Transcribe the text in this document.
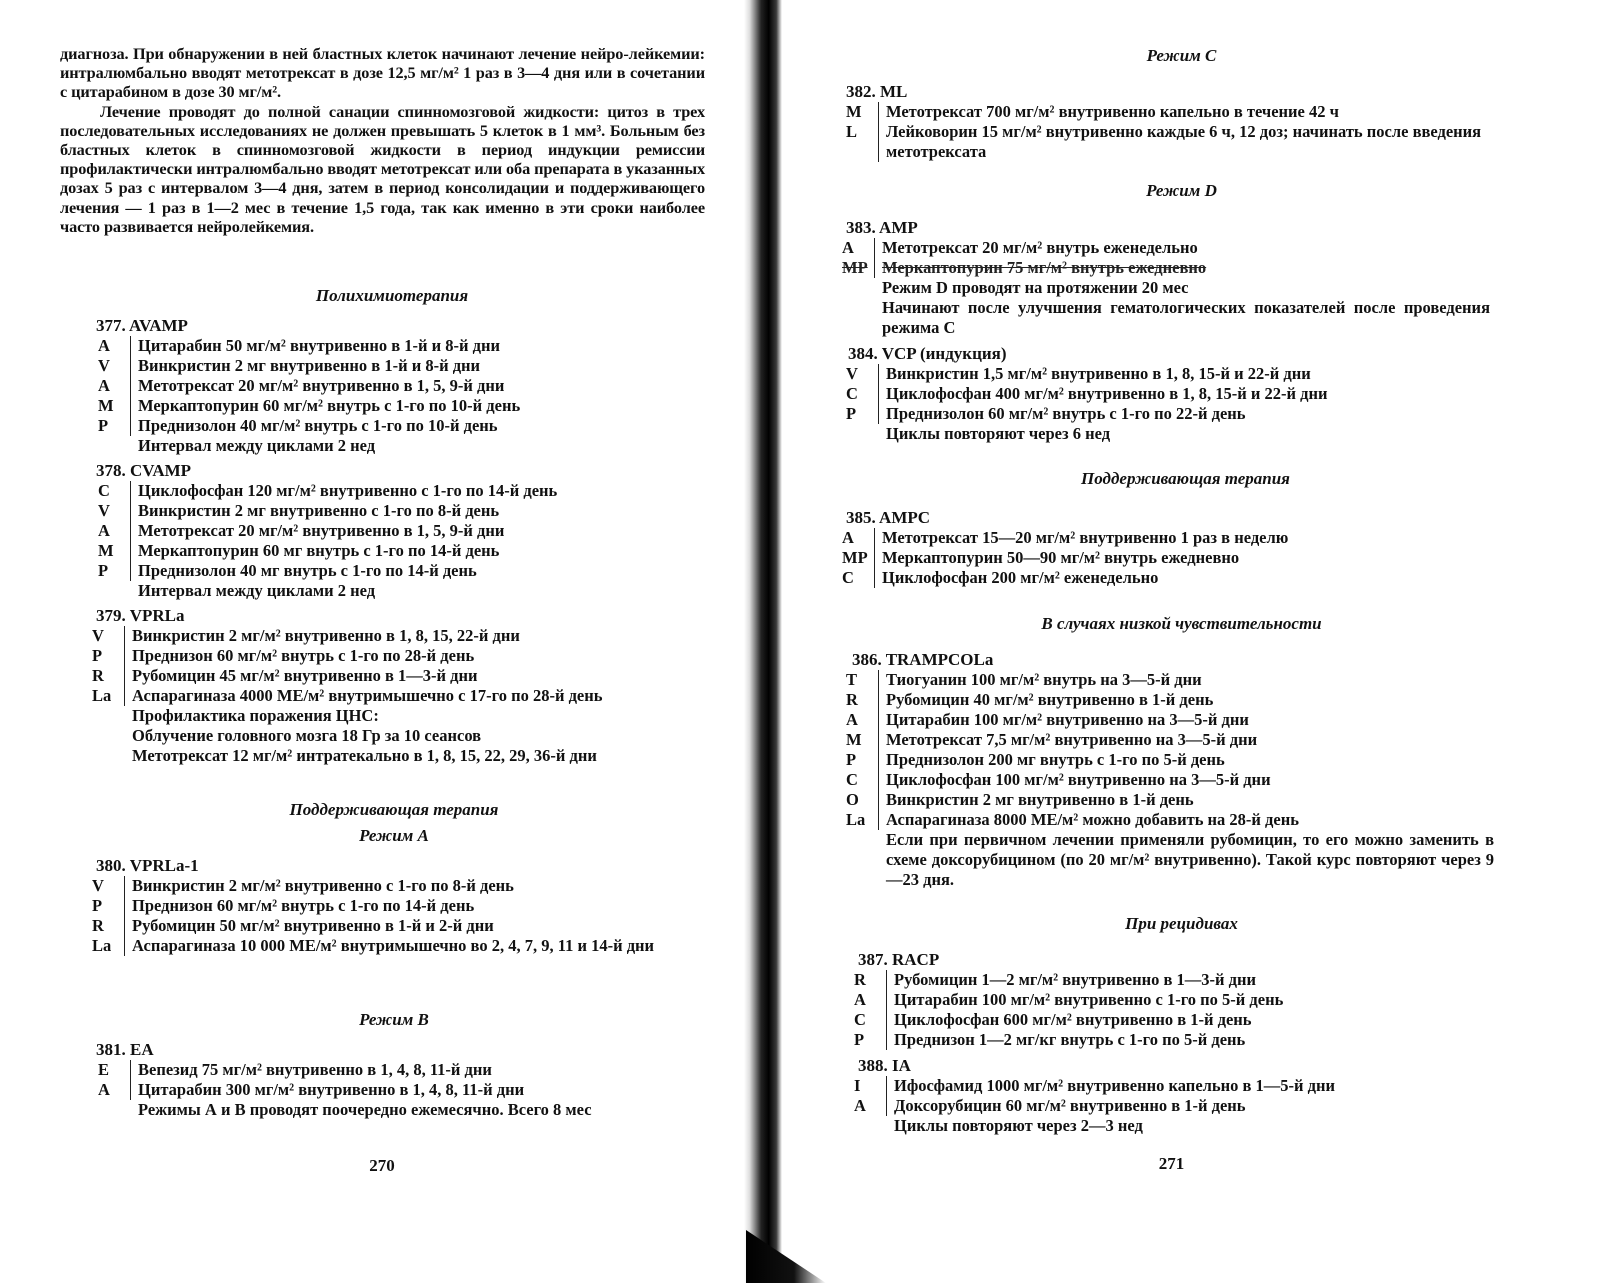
диагноза. При обнаружении в ней бластных клеток начинают лечение нейро-лейкемии: интралюмбально вводят метотрексат в дозе 12,5 мг/м² 1 раз в 3—4 дня или в сочетании с цитарабином в дозе 30 мг/м².

Лечение проводят до полной санации спинномозговой жидкости: цитоз в трех последовательных исследованиях не должен превышать 5 клеток в 1 мм³. Больным без бластных клеток в спинномозговой жидкости в период индукции ремиссии профилактически интралюмбально вводят метотрексат или оба препарата в указанных дозах 5 раз с интервалом 3—4 дня, затем в период консолидации и поддерживающего лечения — 1 раз в 1—2 мес в течение 1,5 года, так как именно в эти сроки наиболее часто развивается нейролейкемия.

Полихимиотерапия

377. AVAMP

A	Цитарабин 50 мг/м² внутривенно в 1-й и 8-й дни
V	Винкристин 2 мг внутривенно в 1-й и 8-й дни
A	Метотрексат 20 мг/м² внутривенно в 1, 5, 9-й дни
M	Меркаптопурин 60 мг/м² внутрь с 1-го по 10-й день
P	Преднизолон 40 мг/м² внутрь с 1-го по 10-й день
Интервал между циклами 2 нед

378. CVAMP

C	Циклофосфан 120 мг/м² внутривенно с 1-го по 14-й день
V	Винкристин 2 мг внутривенно с 1-го по 8-й день
A	Метотрексат 20 мг/м² внутривенно в 1, 5, 9-й дни
M	Меркаптопурин 60 мг внутрь с 1-го по 14-й день
P	Преднизолон 40 мг внутрь с 1-го по 14-й день
Интервал между циклами 2 нед

379. VPRLa

V	Винкристин 2 мг/м² внутривенно в 1, 8, 15, 22-й дни
P	Преднизон 60 мг/м² внутрь с 1-го по 28-й день
R	Рубомицин 45 мг/м² внутривенно в 1—3-й дни
La	Аспарагиназа 4000 МЕ/м² внутримышечно с 17-го по 28-й день
Профилактика поражения ЦНС:
Облучение головного мозга 18 Гр за 10 сеансов
Метотрексат 12 мг/м² интратекально в 1, 8, 15, 22, 29, 36-й дни
Поддерживающая терапия
Режим А

380. VPRLa-1

V	Винкристин 2 мг/м² внутривенно с 1-го по 8-й день
P	Преднизон 60 мг/м² внутрь с 1-го по 14-й день
R	Рубомицин 50 мг/м² внутривенно в 1-й и 2-й дни
La	Аспарагиназа 10 000 МЕ/м² внутримышечно во 2, 4, 7, 9, 11 и 14-й дни
Режим B

381. EA

E	Вепезид 75 мг/м² внутривенно в 1, 4, 8, 11-й дни
A	Цитарабин 300 мг/м² внутривенно в 1, 4, 8, 11-й дни
Режимы А и В проводят поочередно ежемесячно. Всего 8 мес
270
Режим С

382. ML

M	Метотрексат 700 мг/м² внутривенно капельно в течение 42 ч
L	Лейковорин 15 мг/м² внутривенно каждые 6 ч, 12 доз; начинать после введения метотрексата
Режим D

383. AMP

A	Метотрексат 20 мг/м² внутрь еженедельно
MP Меркаптопурин 75 мг/м² внутрь ежедневно
Режим D проводят на протяжении 20 мес
Начинают после улучшения гематологических показателей после проведения режима С

384. VCP (индукция)

V	Винкристин 1,5 мг/м² внутривенно в 1, 8, 15-й и 22-й дни
C	Циклофосфан 400 мг/м² внутривенно в 1, 8, 15-й и 22-й дни
P	Преднизолон 60 мг/м² внутрь с 1-го по 22-й день
Циклы повторяют через 6 нед
Поддерживающая терапия

385. AMPC

A	Метотрексат 15—20 мг/м² внутривенно 1 раз в неделю
MP Меркаптопурин 50—90 мг/м² внутрь ежедневно
C	Циклофосфан 200 мг/м² еженедельно
В случаях низкой чувствительности

386. TRAMPCOLa

T	Тиогуанин 100 мг/м² внутрь на 3—5-й дни
R	Рубомицин 40 мг/м² внутривенно в 1-й день
A	Цитарабин 100 мг/м² внутривенно на 3—5-й дни
M	Метотрексат 7,5 мг/м² внутривенно на 3—5-й дни
P	Преднизолон 200 мг внутрь с 1-го по 5-й день
C	Циклофосфан 100 мг/м² внутривенно на 3—5-й дни
O	Винкристин 2 мг внутривенно в 1-й день
La	Аспарагиназа 8000 МЕ/м² можно добавить на 28-й день
Если при первичном лечении применяли рубомицин, то его можно заменить в схеме доксорубицином (по 20 мг/м² внутривенно). Такой курс повторяют через 9—23 дня.
При рецидивах

387. RACP

R	Рубомицин 1—2 мг/м² внутривенно в 1—3-й дни
A	Цитарабин 100 мг/м² внутривенно с 1-го по 5-й день
C	Циклофосфан 600 мг/м² внутривенно в 1-й день
P	Преднизон 1—2 мг/кг внутрь с 1-го по 5-й день

388. IA

I	Ифосфамид 1000 мг/м² внутривенно капельно в 1—5-й дни
A	Доксорубицин 60 мг/м² внутривенно в 1-й день
Циклы повторяют через 2—3 нед
271
